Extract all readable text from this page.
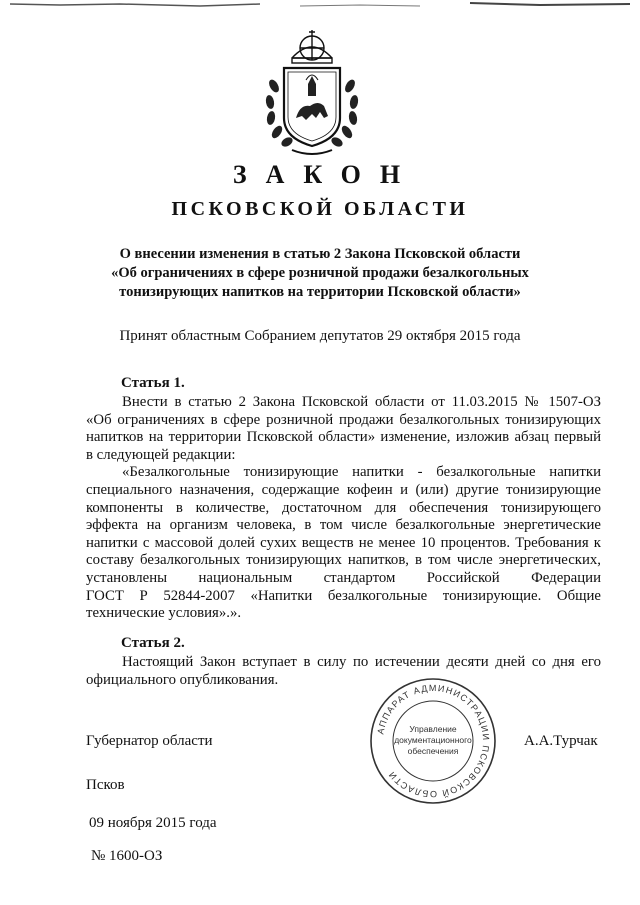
ЗАКОН
ПСКОВСКОЙ ОБЛАСТИ
О внесении изменения в статью 2 Закона Псковской области
«Об ограничениях в сфере розничной продажи безалкогольных
тонизирующих напитков на территории Псковской области»
Принят областным Собранием депутатов 29 октября 2015 года
Статья 1.
Внести в статью 2 Закона Псковской области от 11.03.2015 № 1507-ОЗ
«Об ограничениях в сфере розничной продажи безалкогольных тонизирующих
напитков на территории Псковской области» изменение, изложив абзац первый
в следующей редакции:
«Безалкогольные тонизирующие напитки - безалкогольные напитки
специального назначения, содержащие кофеин и (или) другие тонизирующие
компоненты в количестве, достаточном для обеспечения тонизирующего
эффекта на организм человека, в том числе безалкогольные энергетические
напитки с массовой долей сухих веществ не менее 10 процентов. Требования к
составу безалкогольных тонизирующих напитков, в том числе энергетических,
установлены национальным стандартом Российской Федерации
ГОСТ Р 52844-2007 «Напитки безалкогольные тонизирующие. Общие
технические условия».».
Статья 2.
Настоящий Закон вступает в силу по истечении десяти дней со дня его
официального опубликования.
Губернатор области
АППАРАТ АДМИНИСТРАЦИИ ПСКОВСКОЙ ОБЛАСТИ
Управление
документационного
обеспечения
А.А.Турчак
Псков
09 ноября 2015 года
№ 1600-ОЗ
